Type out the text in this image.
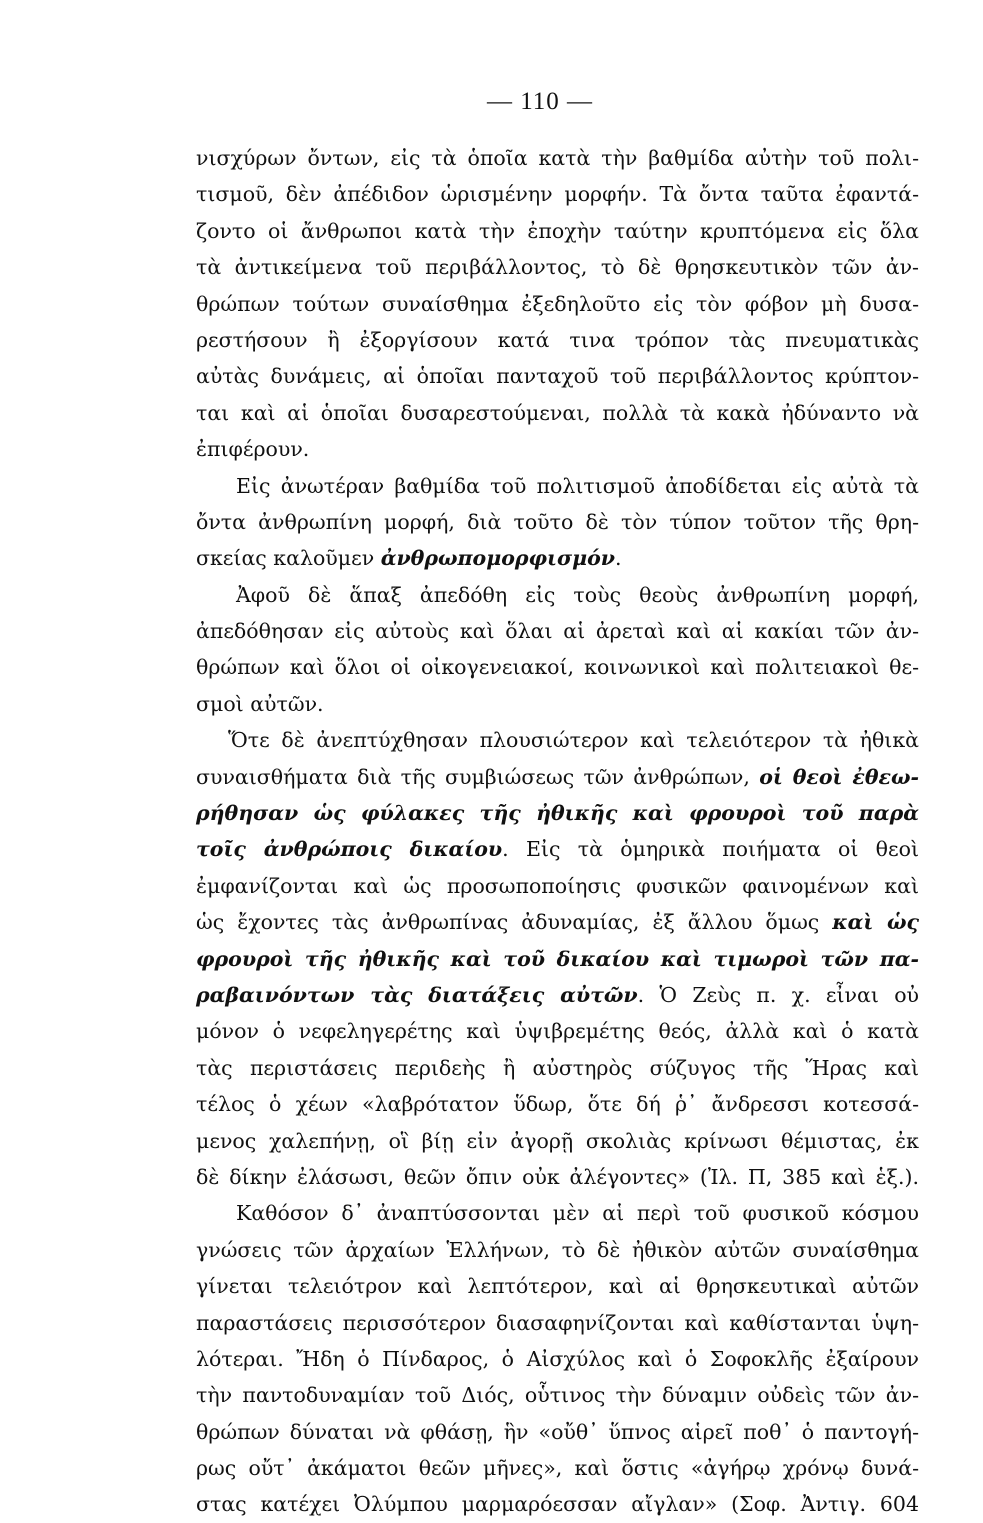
— 110 —
νισχύρων ὄντων, εἰς τὰ ὁποῖα κατὰ τὴν βαθμίδα αὐτὴν τοῦ πολι-
τισμοῦ, δὲν ἀπέδιδον ὡρισμένην μορφήν. Τὰ ὄντα ταῦτα ἐφαντά-
ζοντο οἱ ἄνθρωποι κατὰ τὴν ἐποχὴν ταύτην κρυπτόμενα εἰς ὅλα
τὰ ἀντικείμενα τοῦ περιβάλλοντος, τὸ δὲ θρησκευτικὸν τῶν ἀν-
θρώπων τούτων συναίσθημα ἐξεδηλοῦτο εἰς τὸν φόβον μὴ δυσα-
ρεστήσουν ἢ ἐξοργίσουν κατά τινα τρόπον τὰς πνευματικὰς
αὐτὰς δυνάμεις, αἱ ὁποῖαι πανταχοῦ τοῦ περιβάλλοντος κρύπτον-
ται καὶ αἱ ὁποῖαι δυσαρεστούμεναι, πολλὰ τὰ κακὰ ἠδύναντο νὰ
ἐπιφέρουν.
Εἰς ἀνωτέραν βαθμίδα τοῦ πολιτισμοῦ ἀποδίδεται εἰς αὐτὰ τὰ
ὄντα ἀνθρωπίνη μορφή, διὰ τοῦτο δὲ τὸν τύπον τοῦτον τῆς θρη-
σκείας καλοῦμεν ἀνθρωπομορφισμόν.
Ἀφοῦ δὲ ἅπαξ ἀπεδόθη εἰς τοὺς θεοὺς ἀνθρωπίνη μορφή,
ἀπεδόθησαν εἰς αὐτοὺς καὶ ὅλαι αἱ ἀρεταὶ καὶ αἱ κακίαι τῶν ἀν-
θρώπων καὶ ὅλοι οἱ οἰκογενειακοί, κοινωνικοὶ καὶ πολιτειακοὶ θε-
σμοὶ αὐτῶν.
Ὅτε δὲ ἀνεπτύχθησαν πλουσιώτερον καὶ τελειότερον τὰ ἠθικὰ
συναισθήματα διὰ τῆς συμβιώσεως τῶν ἀνθρώπων, οἱ θεοὶ ἐθεω-
ρήθησαν ὡς φύλακες τῆς ἠθικῆς καὶ φρουροὶ τοῦ παρὰ
τοῖς ἀνθρώποις δικαίου. Εἰς τὰ ὁμηρικὰ ποιήματα οἱ θεοὶ
ἐμφανίζονται καὶ ὡς προσωποποίησις φυσικῶν φαινομένων καὶ
ὡς ἔχοντες τὰς ἀνθρωπίνας ἀδυναμίας, ἐξ ἄλλου ὅμως καὶ ὡς
φρουροὶ τῆς ἠθικῆς καὶ τοῦ δικαίου καὶ τιμωροὶ τῶν πα-
ραβαινόντων τὰς διατάξεις αὐτῶν. Ὁ Ζεὺς π. χ. εἶναι οὐ
μόνον ὁ νεφεληγερέτης καὶ ὑψιβρεμέτης θεός, ἀλλὰ καὶ ὁ κατὰ
τὰς περιστάσεις περιδεὴς ἢ αὐστηρὸς σύζυγος τῆς Ἥρας καὶ
τέλος ὁ χέων «λαβρότατον ὕδωρ, ὅτε δή ῥ᾽ ἄνδρεσσι κοτεσσά-
μενος χαλεπήνῃ, οἳ βίῃ εἰν ἀγορῇ σκολιὰς κρίνωσι θέμιστας, ἐκ
δὲ δίκην ἐλάσωσι, θεῶν ὄπιν οὐκ ἀλέγοντες» (Ἰλ. Π, 385 καὶ ἑξ.).
Καθόσον δ᾽ ἀναπτύσσονται μὲν αἱ περὶ τοῦ φυσικοῦ κόσμου
γνώσεις τῶν ἀρχαίων Ἑλλήνων, τὸ δὲ ἠθικὸν αὐτῶν συναίσθημα
γίνεται τελειότρον καὶ λεπτότερον, καὶ αἱ θρησκευτικαὶ αὐτῶν
παραστάσεις περισσότερον διασαφηνίζονται καὶ καθίστανται ὑψη-
λότεραι. Ἤδη ὁ Πίνδαρος, ὁ Αἰσχύλος καὶ ὁ Σοφοκλῆς ἐξαίρουν
τὴν παντοδυναμίαν τοῦ Διός, οὗτινος τὴν δύναμιν οὐδεὶς τῶν ἀν-
θρώπων δύναται νὰ φθάσῃ, ἣν «οὔθ᾽ ὕπνος αἱρεῖ ποθ᾽ ὁ παντογή-
ρως οὔτ᾽ ἀκάματοι θεῶν μῆνες», καὶ ὅστις «ἀγήρῳ χρόνῳ δυνά-
στας κατέχει Ὀλύμπου μαρμαρόεσσαν αἴγλαν» (Σοφ. Ἀντιγ. 604
